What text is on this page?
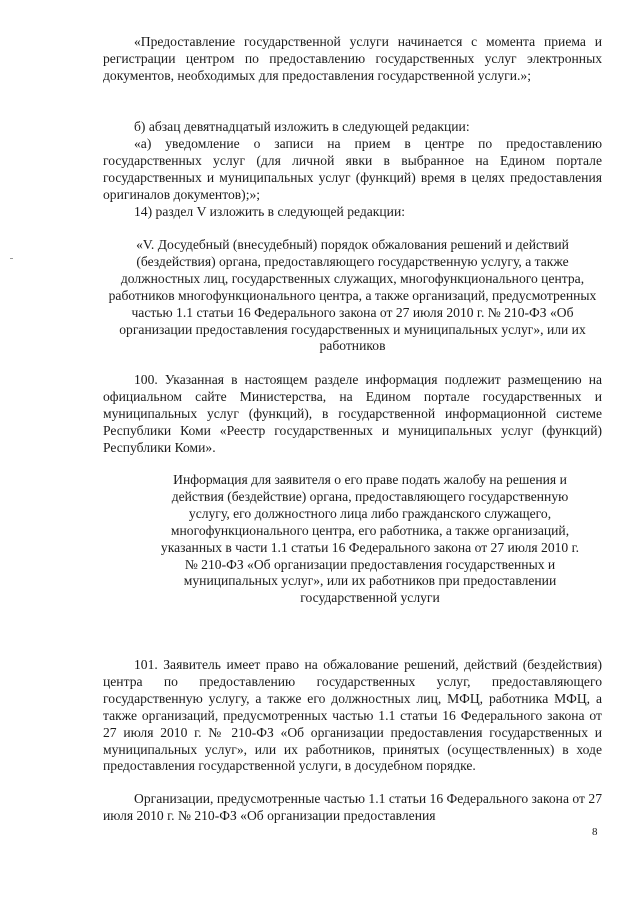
«Предоставление государственной услуги начинается с момента приема и регистрации центром по предоставлению государственных услуг электронных документов, необходимых для предоставления государственной услуги.»;

б) абзац девятнадцатый изложить в следующей редакции:

«а) уведомление о записи на прием в центре по предоставлению государственных услуг (для личной явки в выбранное на Едином портале государственных и муниципальных услуг (функций) время в целях предоставления оригиналов документов);»;

14) раздел V изложить в следующей редакции:

«V. Досудебный (внесудебный) порядок обжалования решений и действий (бездействия) органа, предоставляющего государственную услугу, а также должностных лиц, государственных служащих, многофункционального центра, работников многофункционального центра, а также организаций, предусмотренных частью 1.1 статьи 16 Федерального закона от 27 июля 2010 г. № 210-ФЗ «Об организации предоставления государственных и муниципальных услуг», или их работников

100. Указанная в настоящем разделе информация подлежит размещению на официальном сайте Министерства, на Едином портале государственных и муниципальных услуг (функций), в государственной информационной системе Республики Коми «Реестр государственных и муниципальных услуг (функций) Республики Коми».

Информация для заявителя о его праве подать жалобу на решения и действия (бездействие) органа, предоставляющего государственную услугу, его должностного лица либо гражданского служащего, многофункционального центра, его работника, а также организаций, указанных в части 1.1 статьи 16 Федерального закона от 27 июля 2010 г. № 210-ФЗ «Об организации предоставления государственных и муниципальных услуг», или их работников при предоставлении государственной услуги

101. Заявитель имеет право на обжалование решений, действий (бездействия) центра по предоставлению государственных услуг, предоставляющего государственную услугу, а также его должностных лиц, МФЦ, работника МФЦ, а также организаций, предусмотренных частью 1.1 статьи 16 Федерального закона от 27 июля 2010 г. № 210-ФЗ «Об организации предоставления государственных и муниципальных услуг», или их работников, принятых (осуществленных) в ходе предоставления государственной услуги, в досудебном порядке.

Организации, предусмотренные частью 1.1 статьи 16 Федерального закона от 27 июля 2010 г. № 210-ФЗ «Об организации предоставления

8
